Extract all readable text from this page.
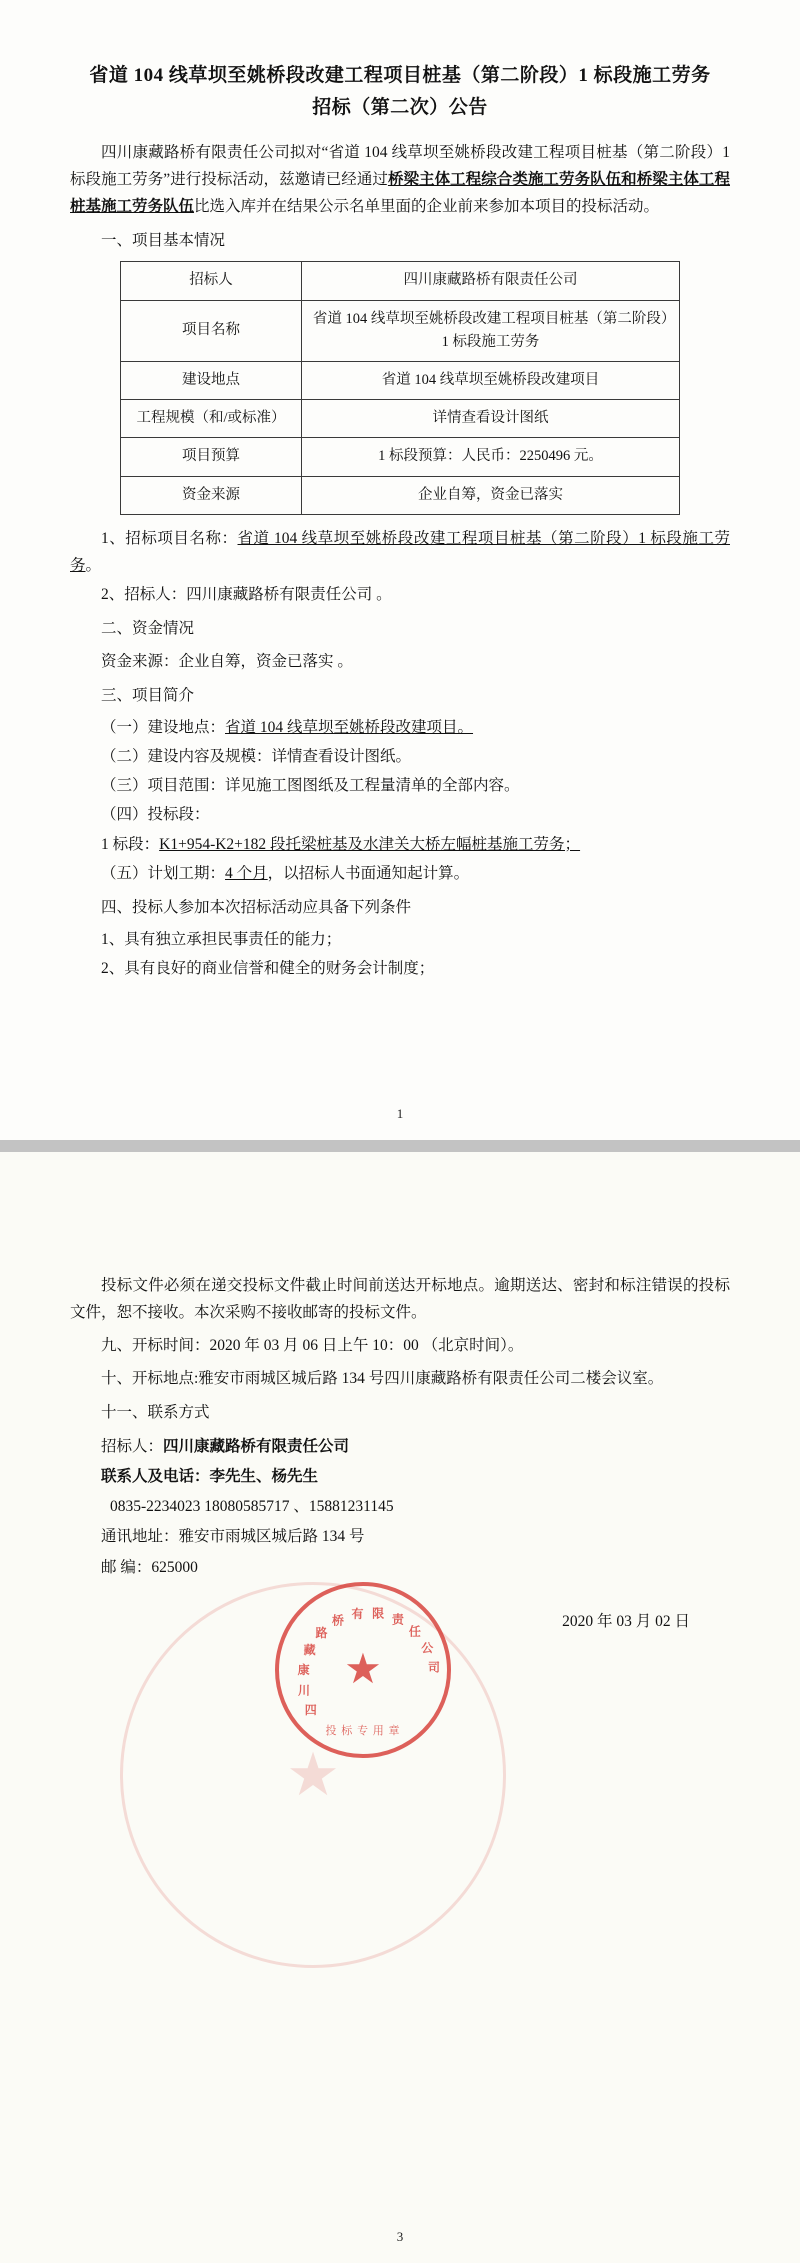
省道 104 线草坝至姚桥段改建工程项目桩基（第二阶段）1 标段施工劳务招标（第二次）公告

四川康藏路桥有限责任公司拟对“省道 104 线草坝至姚桥段改建工程项目桩基（第二阶段）1 标段施工劳务”进行投标活动，兹邀请已经通过桥梁主体工程综合类施工劳务队伍和桥梁主体工程桩基施工劳务队伍比选入库并在结果公示名单里面的企业前来参加本项目的投标活动。

一、项目基本情况
招标人	四川康藏路桥有限责任公司
项目名称	省道 104 线草坝至姚桥段改建工程项目桩基（第二阶段）1 标段施工劳务
建设地点	省道 104 线草坝至姚桥段改建项目
工程规模（和/或标准）	详情查看设计图纸
项目预算	1 标段预算：人民币：2250496 元。
资金来源	企业自筹，资金已落实

1、招标项目名称：省道 104 线草坝至姚桥段改建工程项目桩基（第二阶段）1 标段施工劳务。

2、招标人：四川康藏路桥有限责任公司 。

二、资金情况

资金来源：企业自筹，资金已落实 。

三、项目简介

（一）建设地点：省道 104 线草坝至姚桥段改建项目。

（二）建设内容及规模：详情查看设计图纸。

（三）项目范围：详见施工图图纸及工程量清单的全部内容。

（四）投标段：

1 标段：K1+954-K2+182 段托梁桩基及水津关大桥左幅桩基施工劳务；

（五）计划工期：4 个月，以招标人书面通知起计算。

四、投标人参加本次招标活动应具备下列条件

1、具有独立承担民事责任的能力；

2、具有良好的商业信誉和健全的财务会计制度；

1
★

投标文件必须在递交投标文件截止时间前送达开标地点。逾期送达、密封和标注错误的投标文件，恕不接收。本次采购不接收邮寄的投标文件。

九、开标时间：2020 年 03 月 06 日上午 10：00 （北京时间）。

十、开标地点:雅安市雨城区城后路 134 号四川康藏路桥有限责任公司二楼会议室。

十一、联系方式

招标人：四川康藏路桥有限责任公司

联系人及电话：李先生、杨先生

0835-2234023 18080585717 、15881231145

通讯地址：雅安市雨城区城后路 134 号

邮 编：625000

四
川
康
藏
路
桥 有 限 责
任
公
司
★
投 标 专 用 章
2020 年 03 月 02 日
3
